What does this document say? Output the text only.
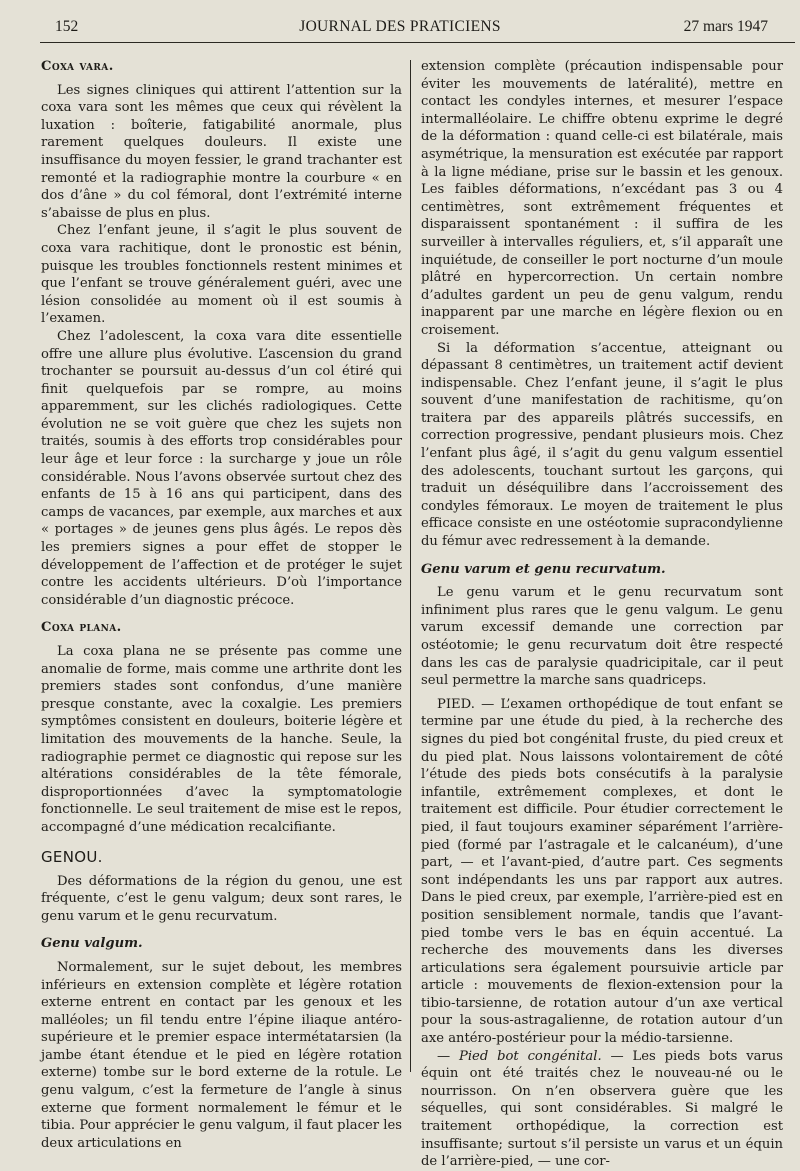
152	JOURNAL DES PRATICIENS	27 mars 1947
Coxa vara.

Les signes cliniques qui attirent l’attention sur la coxa vara sont les mêmes que ceux qui révèlent la luxation : boîterie, fatigabilité anormale, plus rarement quelques douleurs. Il existe une insuffisance du moyen fessier, le grand trachanter est remonté et la radiographie montre la courbure « en dos d’âne » du col fémoral, dont l’extrémité interne s’abaisse de plus en plus.

Chez l’enfant jeune, il s’agit le plus souvent de coxa vara rachitique, dont le pronostic est bénin, puisque les troubles fonctionnels restent minimes et que l’enfant se trouve généralement guéri, avec une lésion consolidée au moment où il est soumis à l’examen.

Chez l’adolescent, la coxa vara dite essentielle offre une allure plus évolutive. L’ascension du grand trochanter se poursuit au-dessus d’un col étiré qui finit quelquefois par se rompre, au moins apparemment, sur les clichés radiologiques. Cette évolution ne se voit guère que chez les sujets non traités, soumis à des efforts trop considérables pour leur âge et leur force : la surcharge y joue un rôle considérable. Nous l’avons observée surtout chez des enfants de 15 à 16 ans qui participent, dans des camps de vacances, par exemple, aux marches et aux « portages » de jeunes gens plus âgés. Le repos dès les premiers signes a pour effet de stopper le développement de l’affection et de protéger le sujet contre les accidents ultérieurs. D’où l’importance considérable d’un diagnostic précoce.

Coxa plana.

La coxa plana ne se présente pas comme une anomalie de forme, mais comme une arthrite dont les premiers stades sont confondus, d’une manière presque constante, avec la coxalgie. Les premiers symptômes consistent en douleurs, boiterie légère et limitation des mouvements de la hanche. Seule, la radiographie permet ce diagnostic qui repose sur les altérations considérables de la tête fémorale, disproportionnées d’avec la symptomatologie fonctionnelle. Le seul traitement de mise est le repos, accompagné d’une médication recalcifiante.

GENOU.

Des déformations de la région du genou, une est fréquente, c’est le genu valgum; deux sont rares, le genu varum et le genu recurvatum.

Genu valgum.

Normalement, sur le sujet debout, les membres inférieurs en extension complète et légère rotation externe entrent en contact par les genoux et les malléoles; un fil tendu entre l’épine iliaque antéro-supérieure et le premier espace intermétatarsien (la jambe étant étendue et le pied en légère rotation externe) tombe sur le bord externe de la rotule. Le genu valgum, c’est la fermeture de l’angle à sinus externe que forment normalement le fémur et le tibia. Pour apprécier le genu valgum, il faut placer les deux articulations en

extension complète (précaution indispensable pour éviter les mouvements de latéralité), mettre en contact les condyles internes, et mesurer l’espace intermalléolaire. Le chiffre obtenu exprime le degré de la déformation : quand celle-ci est bilatérale, mais asymétrique, la mensuration est exécutée par rapport à la ligne médiane, prise sur le bassin et les genoux. Les faibles déformations, n’excédant pas 3 ou 4 centimètres, sont extrêmement fréquentes et disparaissent spontanément : il suffira de les surveiller à intervalles réguliers, et, s’il apparaît une inquiétude, de conseiller le port nocturne d’un moule plâtré en hypercorrection. Un certain nombre d’adultes gardent un peu de genu valgum, rendu inapparent par une marche en légère flexion ou en croisement.

Si la déformation s’accentue, atteignant ou dépassant 8 centimètres, un traitement actif devient indispensable. Chez l’enfant jeune, il s’agit le plus souvent d’une manifestation de rachitisme, qu’on traitera par des appareils plâtrés successifs, en correction progressive, pendant plusieurs mois. Chez l’enfant plus âgé, il s’agit du genu valgum essentiel des adolescents, touchant surtout les garçons, qui traduit un déséquilibre dans l’accroissement des condyles fémoraux. Le moyen de traitement le plus efficace consiste en une ostéotomie supracondylienne du fémur avec redressement à la demande.

Genu varum et genu recurvatum.

Le genu varum et le genu recurvatum sont infiniment plus rares que le genu valgum. Le genu varum excessif demande une correction par ostéotomie; le genu recurvatum doit être respecté dans les cas de paralysie quadricipitale, car il peut seul permettre la marche sans quadriceps.

PIED. — L’examen orthopédique de tout enfant se termine par une étude du pied, à la recherche des signes du pied bot congénital fruste, du pied creux et du pied plat. Nous laissons volontairement de côté l’étude des pieds bots consécutifs à la paralysie infantile, extrêmement complexes, et dont le traitement est difficile. Pour étudier correctement le pied, il faut toujours examiner séparément l’arrière-pied (formé par l’astragale et le calcanéum), d’une part, — et l’avant-pied, d’autre part. Ces segments sont indépendants les uns par rapport aux autres. Dans le pied creux, par exemple, l’arrière-pied est en position sensiblement normale, tandis que l’avant-pied tombe vers le bas en équin accentué. La recherche des mouvements dans les diverses articulations sera également poursuivie article par article : mouvements de flexion-extension pour la tibio-tarsienne, de rotation autour d’un axe vertical pour la sous-astragalienne, de rotation autour d’un axe antéro-postérieur pour la médio-tarsienne.

— Pied bot congénital. — Les pieds bots varus équin ont été traités chez le nouveau-né ou le nourrisson. On n’en observera guère que les séquelles, qui sont considérables. Si malgré le traitement orthopédique, la correction est insuffisante; surtout s’il persiste un varus et un équin de l’arrière-pied, — une cor-
